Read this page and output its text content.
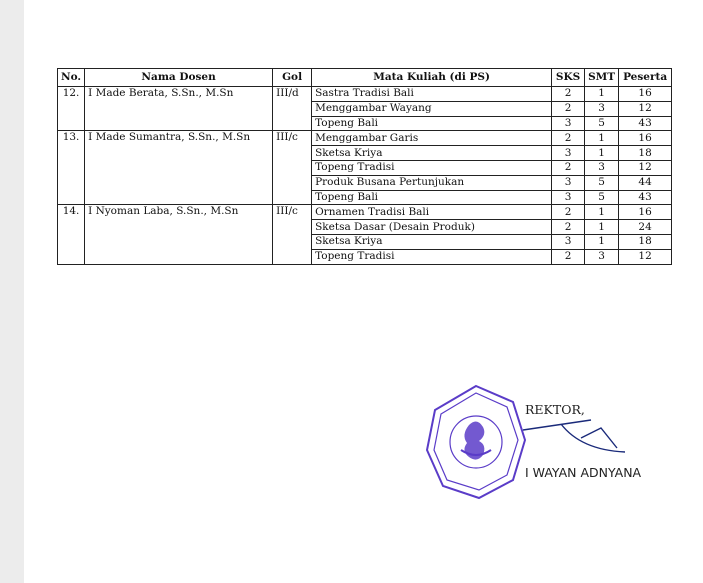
No.	Nama Dosen	Gol	Mata Kuliah (di PS)	SKS	SMT	Peserta
12.	I Made Berata, S.Sn., M.Sn	III/d	Sastra Tradisi Bali	2	1	16
			Menggambar Wayang	2	3	12
			Topeng Bali	3	5	43
13.	I Made Sumantra, S.Sn., M.Sn	III/c	Menggambar Garis	2	1	16
			Sketsa Kriya	3	1	18
			Topeng Tradisi	2	3	12
			Produk Busana Pertunjukan	3	5	44
			Topeng Bali	3	5	43
14.	I Nyoman Laba, S.Sn., M.Sn	III/c	Ornamen Tradisi Bali	2	1	16
			Sketsa Dasar (Desain Produk)	2	1	24
			Sketsa Kriya	3	1	18
			Topeng Tradisi	2	3	12
REKTOR,
I WAYAN ADNYANA
